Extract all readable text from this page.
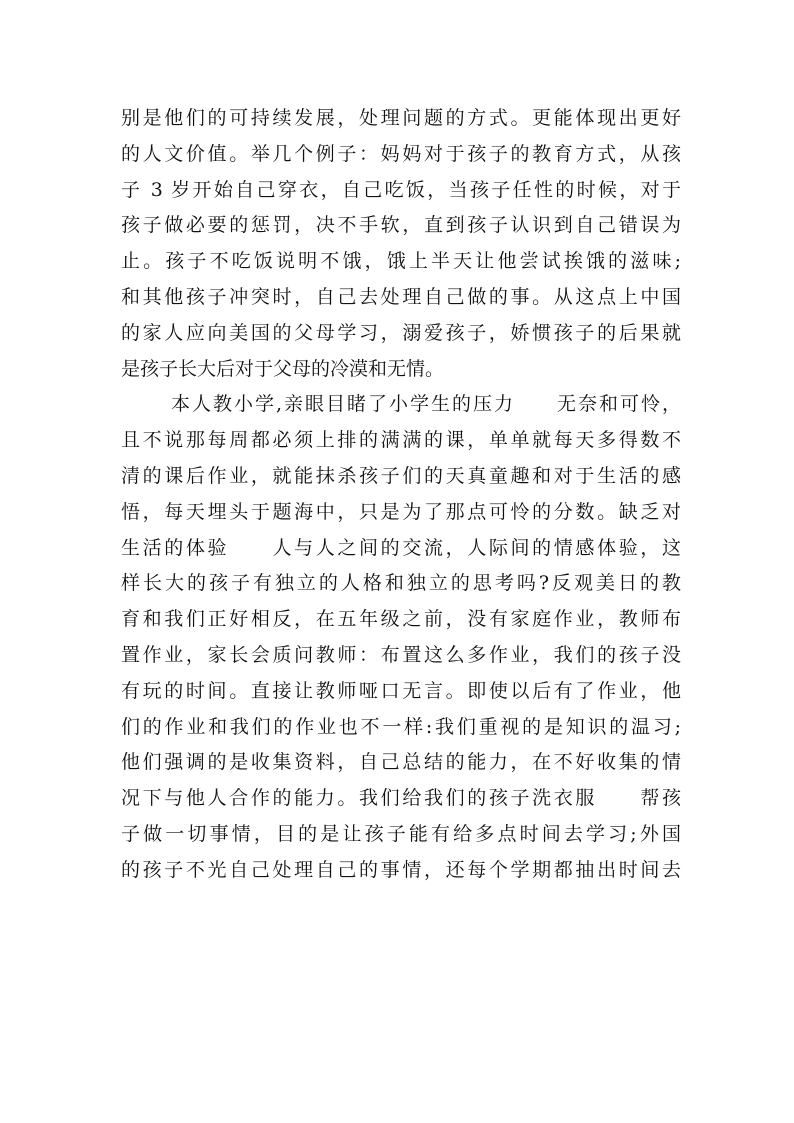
别是他们的可持续发展，处理问题的方式。更能体现出更好
的人文价值。举几个例子：妈妈对于孩子的教育方式，从孩
子 3 岁开始自己穿衣，自己吃饭，当孩子任性的时候，对于
孩子做必要的惩罚，决不手软，直到孩子认识到自己错误为
止。孩子不吃饭说明不饿，饿上半天让他尝试挨饿的滋味;
和其他孩子冲突时，自己去处理自己做的事。从这点上中国
的家人应向美国的父母学习，溺爱孩子，娇惯孩子的后果就
是孩子长大后对于父母的冷漠和无情。
本人教小学,亲眼目睹了小学生的压力　　无奈和可怜，
且不说那每周都必须上排的满满的课，单单就每天多得数不
清的课后作业，就能抹杀孩子们的天真童趣和对于生活的感
悟，每天埋头于题海中，只是为了那点可怜的分数。缺乏对
生活的体验　　人与人之间的交流，人际间的情感体验，这
样长大的孩子有独立的人格和独立的思考吗?反观美日的教
育和我们正好相反，在五年级之前，没有家庭作业，教师布
置作业，家长会质问教师：布置这么多作业，我们的孩子没
有玩的时间。直接让教师哑口无言。即使以后有了作业，他
们的作业和我们的作业也不一样:我们重视的是知识的温习;
他们强调的是收集资料，自己总结的能力，在不好收集的情
况下与他人合作的能力。我们给我们的孩子洗衣服　　帮孩
子做一切事情，目的是让孩子能有给多点时间去学习;外国
的孩子不光自己处理自己的事情，还每个学期都抽出时间去
